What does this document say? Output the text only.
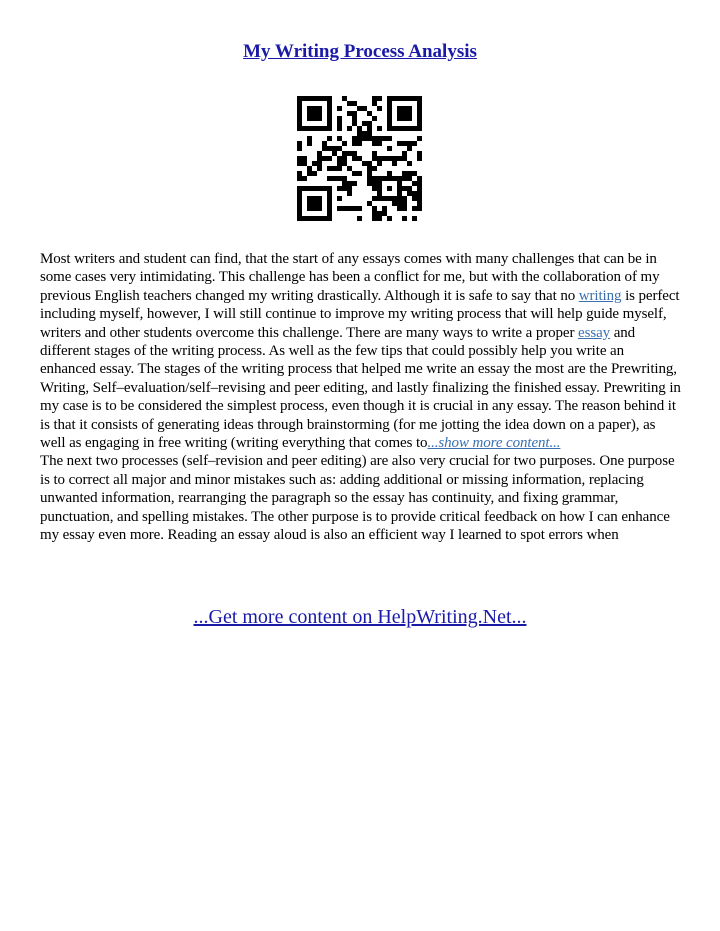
My Writing Process Analysis

Most writers and student can find, that the start of any essays comes with many challenges that can be in some cases very intimidating. This challenge has been a conflict for me, but with the collaboration of my previous English teachers changed my writing drastically. Although it is safe to say that no writing is perfect including myself, however, I will still continue to improve my writing process that will help guide myself, writers and other students overcome this challenge. There are many ways to write a proper essay and different stages of the writing process. As well as the few tips that could possibly help you write an enhanced essay. The stages of the writing process that helped me write an essay the most are the Prewriting, Writing, Self–evaluation/self–revising and peer editing, and lastly finalizing the finished essay. Prewriting in my case is to be considered the simplest process, even though it is crucial in any essay. The reason behind it is that it consists of generating ideas through brainstorming (for me jotting the idea down on a paper), as well as engaging in free writing (writing everything that comes to...show more content...

The next two processes (self–revision and peer editing) are also very crucial for two purposes. One purpose is to correct all major and minor mistakes such as: adding additional or missing information, replacing unwanted information, rearranging the paragraph so the essay has continuity, and fixing grammar, punctuation, and spelling mistakes. The other purpose is to provide critical feedback on how I can enhance my essay even more. Reading an essay aloud is also an efficient way I learned to spot errors when

...Get more content on HelpWriting.Net...
